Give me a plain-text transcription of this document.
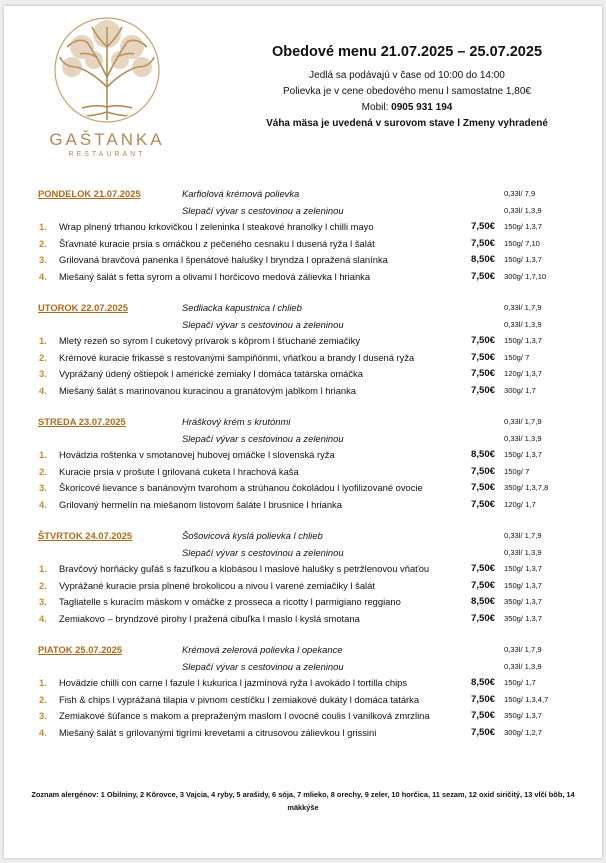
GAŠTANKA
RESTAURANT
Obedové menu 21.07.2025 – 25.07.2025
Jedlá sa podávajú v čase od 10:00 do 14:00
Polievka je v cene obedového menu l samostatne 1,80€
Mobil: 0905 931 194
Váha mäsa je uvedená v surovom stave l Zmeny vyhradené
PONDELOK 21.07.2025	Karfiolová krémová polievka	0,33l/ 7,9
Slepačí vývar s cestovinou a zeleninou	0,33l/ 1,3,9
1. Wrap plnený trhanou krkovičkou l zeleninka l steakové hranolky l chilli mayo	7,50€ 150g/ 1,3,7
2. Šťavnaté kuracie prsia s omáčkou z pečeného cesnaku l dusená ryža l šalát	7,50€ 150g/ 7,10
3. Grilovaná bravčová panenka l špenátové halušky l bryndza l opražená slanínka	8,50€ 150g/ 1,3,7
4. Miešaný šalát s fetta syrom a olivami l horčicovo medová zálievka l hrianka	7,50€ 300g/ 1,7,10
UTOROK 22.07.2025	Sedliacka kapustnica l chlieb	0,33l/ 1,7,9
Slepačí vývar s cestovinou a zeleninou	0,33l/ 1,3,9
1. Mletý rezeň so syrom l cuketový prívarok s kôprom l šťuchané zemiačiky	7,50€ 150g/ 1,3,7
2. Krémové kuracie frikassé s restovanými šampiňónmi, vňaťkou a brandy l dusená ryža	7,50€ 150g/ 7
3. Vyprážaný údený oštiepok l americké zemiaky l domáca tatárska omáčka	7,50€ 120g/ 1,3,7
4. Miešaný šalát s marinovanou kuracinou a granátovým jablkom l hrianka	7,50€ 300g/ 1,7
STREDA 23.07.2025	Hráškový krém s krutónmi	0,33l/ 1,7,9
Slepačí vývar s cestovinou a zeleninou	0,33l/ 1,3,9
1. Hovädzia roštenka v smotanovej hubovej omáčke l slovenská ryža	8,50€ 150g/ 1,3,7
2. Kuracie prsia v prošute l grilovaná cuketa l hrachová kaša	7,50€ 150g/ 7
3. Škoricové lievance s banánovým tvarohom a strúhanou čokoládou l lyofilizované ovocie	7,50€ 350g/ 1,3,7,8
4. Grilovaný hermelín na miešanom listovom šaláte l brusnice l hrianka	7,50€ 120g/ 1,7
ŠTVRTOK 24.07.2025	Šošovicová kyslá polievka l chlieb	0,33l/ 1,7,9
Slepačí vývar s cestovinou a zeleninou	0,33l/ 1,3,9
1. Bravčový horňácky guľáš s fazuľkou a klobásou l maslové halušky s petržlenovou vňaťou	7,50€ 150g/ 1,3,7
2. Vyprážané kuracie prsia plnené brokolicou a nivou l varené zemiačiky l šalát	7,50€ 150g/ 1,3,7
3. Tagliatelle s kuracím mäskom v omáčke z prosseca a ricotty l parmigiano reggiano	8,50€ 350g/ 1,3,7
4. Zemiakovo – bryndzové pirohy l pražená cibuľka l maslo l kyslá smotana	7,50€ 350g/ 1,3,7
PIATOK 25.07.2025	Krémová zelerová polievka l opekance	0,33l/ 1,7,9
Slepačí vývar s cestovinou a zeleninou	0,33l/ 1,3,9
1. Hovädzie chilli con carne l fazule l kukurica l jazmínová ryža l avokádo l tortilla chips	8,50€ 150g/ 1,7
2. Fish & chips l vyprážaná tilapia v pivnom cestíčku l zemiakové dukáty l domáca tatárka	7,50€ 150g/ 1,3,4,7
3. Zemiakové šúľance s makom a prepraženým maslom l ovocné coulis l vanilková zmrzlina	7,50€ 350g/ 1,3,7
4. Miešaný šalát s grilovanými tigrími krevetami a citrusovou zálievkou l grissini	7,50€ 300g/ 1,2,7
Zoznam alergénov: 1 Obilniny, 2 Kôrovce, 3 Vajcia, 4 ryby, 5 arašidy, 6 sója, 7 mlieko, 8 orechy, 9 zeler, 10 horčica, 11 sezam, 12 oxid siričitý, 13 vlčí bôb, 14 mäkkýše
